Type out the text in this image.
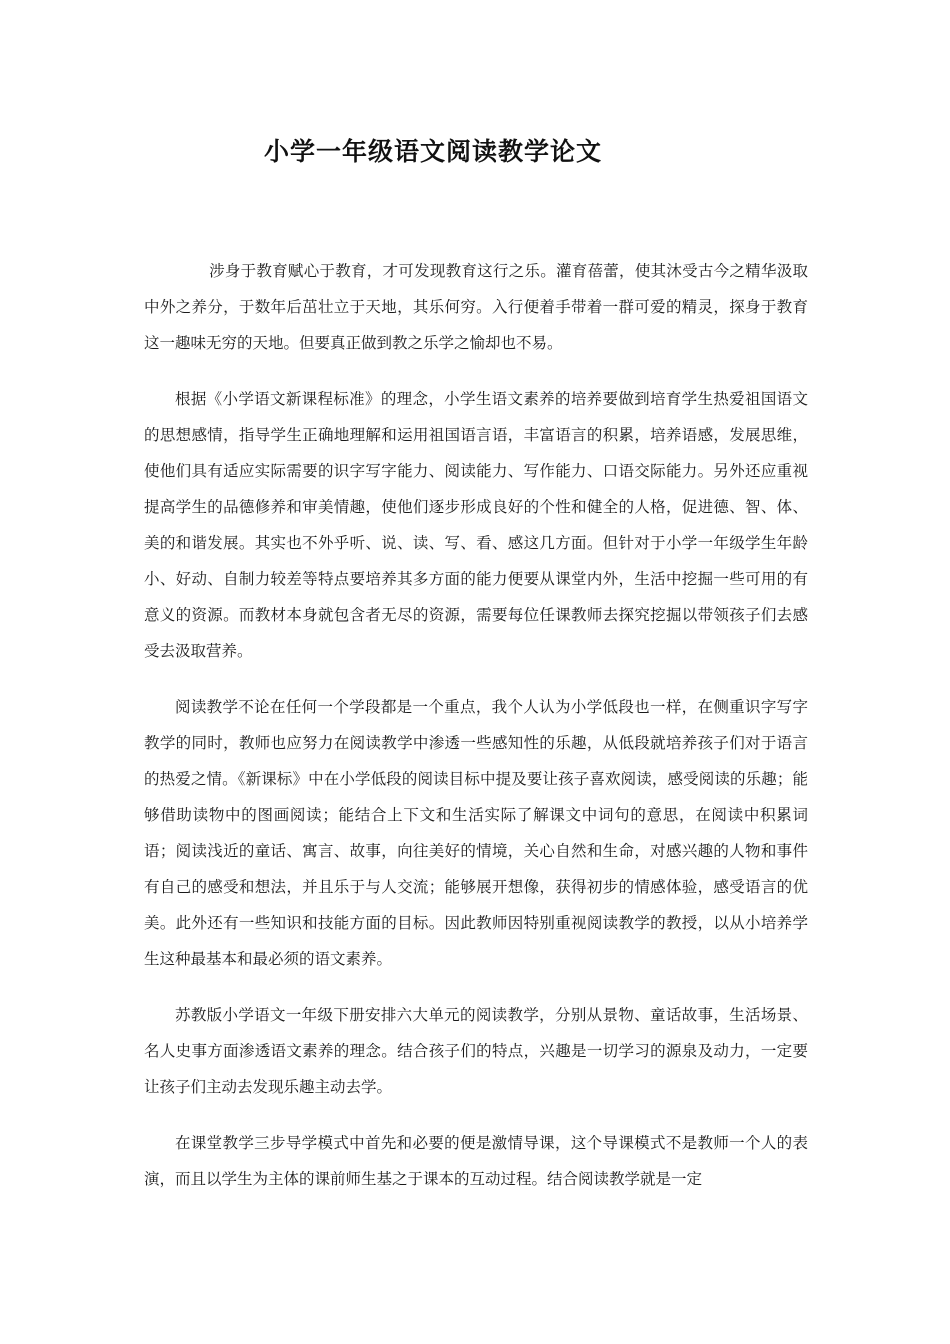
小学一年级语文阅读教学论文

涉身于教育赋心于教育，才可发现教育这行之乐。灌育蓓蕾，使其沐受古今之精华汲取中外之养分，于数年后茁壮立于天地，其乐何穷。入行便着手带着一群可爱的精灵，探身于教育这一趣味无穷的天地。但要真正做到教之乐学之愉却也不易。

根据《小学语文新课程标准》的理念，小学生语文素养的培养要做到培育学生热爱祖国语文的思想感情，指导学生正确地理解和运用祖国语言语，丰富语言的积累，培养语感，发展思维，使他们具有适应实际需要的识字写字能力、阅读能力、写作能力、口语交际能力。另外还应重视提高学生的品德修养和审美情趣，使他们逐步形成良好的个性和健全的人格，促进德、智、体、美的和谐发展。其实也不外乎听、说、读、写、看、感这几方面。但针对于小学一年级学生年龄小、好动、自制力较差等特点要培养其多方面的能力便要从课堂内外，生活中挖掘一些可用的有意义的资源。而教材本身就包含者无尽的资源，需要每位任课教师去探究挖掘以带领孩子们去感受去汲取营养。

阅读教学不论在任何一个学段都是一个重点，我个人认为小学低段也一样，在侧重识字写字教学的同时，教师也应努力在阅读教学中渗透一些感知性的乐趣，从低段就培养孩子们对于语言的热爱之情。《新课标》中在小学低段的阅读目标中提及要让孩子喜欢阅读，感受阅读的乐趣；能够借助读物中的图画阅读；能结合上下文和生活实际了解课文中词句的意思，在阅读中积累词语；阅读浅近的童话、寓言、故事，向往美好的情境，关心自然和生命，对感兴趣的人物和事件有自己的感受和想法，并且乐于与人交流；能够展开想像，获得初步的情感体验，感受语言的优美。此外还有一些知识和技能方面的目标。因此教师因特别重视阅读教学的教授，以从小培养学生这种最基本和最必须的语文素养。

苏教版小学语文一年级下册安排六大单元的阅读教学，分别从景物、童话故事，生活场景、名人史事方面渗透语文素养的理念。结合孩子们的特点，兴趣是一切学习的源泉及动力，一定要让孩子们主动去发现乐趣主动去学。

在课堂教学三步导学模式中首先和必要的便是激情导课，这个导课模式不是教师一个人的表演，而且以学生为主体的课前师生基之于课本的互动过程。结合阅读教学就是一定
